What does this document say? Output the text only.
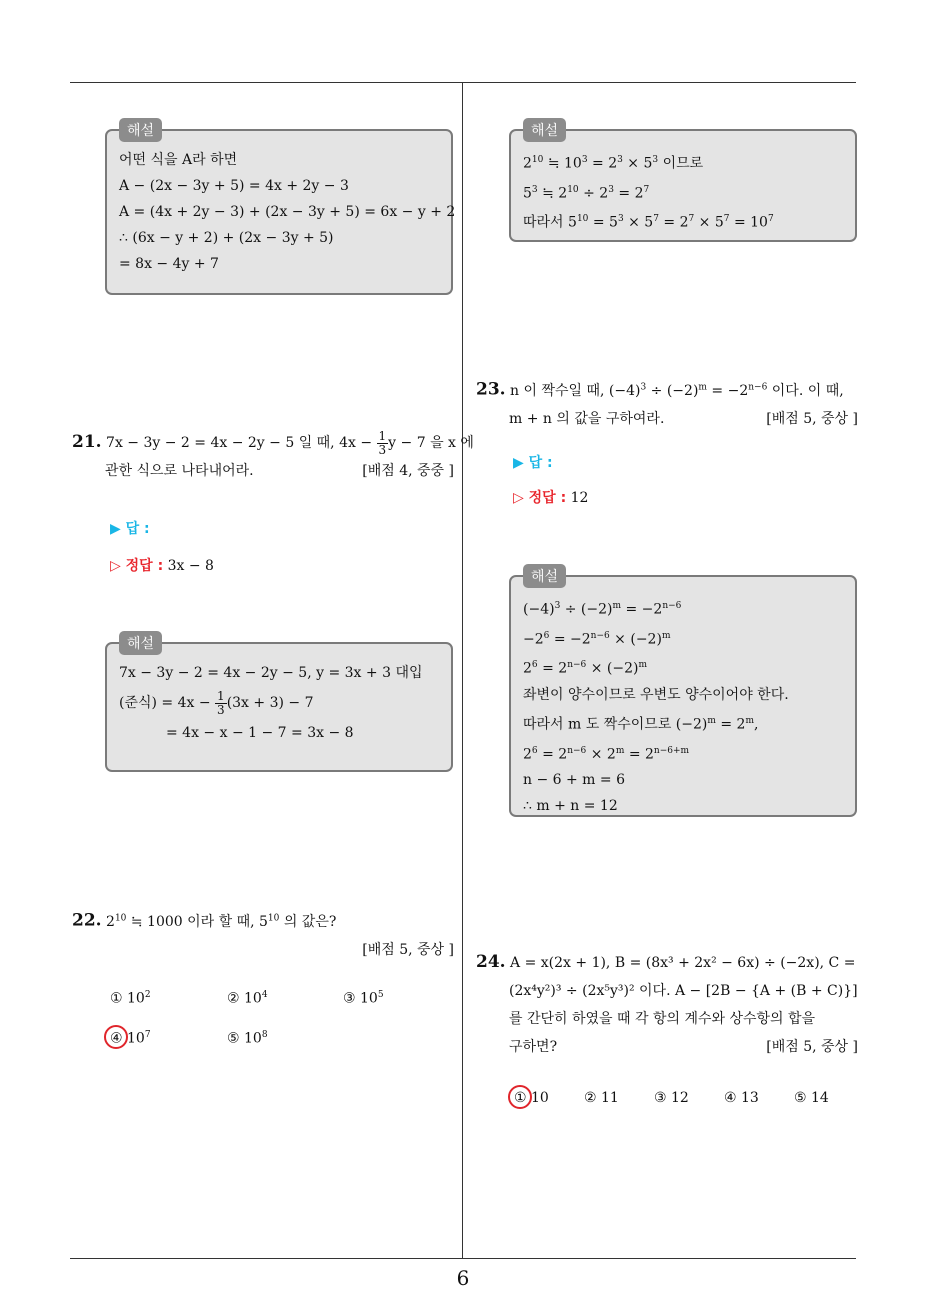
6
해설
어떤 식을 A라 하면
A − (2x − 3y + 5) = 4x + 2y − 3
A = (4x + 2y − 3) + (2x − 3y + 5) = 6x − y + 2
∴ (6x − y + 2) + (2x − 3y + 5)
= 8x − 4y + 7
해설
$2^{10}$ ≒ $10^3 = 2^3 \times 5^3$ 이므로
$5^3$ ≒ $2^{10} \div 2^3 = 2^7$
따라서 $5^{10} = 5^3 \times 5^7 = 2^7 \times 5^7 = 10^7$
21. 7x − 3y − 2 = 4x − 2y − 5 일 때, $4x - \frac{1}{3}$ y − 7 을 x 에
관한 식으로 나타내어라.	[배점 4, 중중 ]
▶ 답 :
▷ 정답 : 3x − 8
해설
7x − 3y − 2 = 4x − 2y − 5, y = 3x + 3 대입
(준식) = $4x - \frac{1}{3} (3x + 3) - 7$
= 4x − x − 1 − 7 = 3x − 8
22. $2^{10}$ ≒ 1000 이라 할 때, $5^{10}$ 의 값은?
[배점 5, 중상 ]
① $10^2$	② $10^4$	③ $10^5$
④ $10^7$	⑤ $10^8$
23. n 이 짝수일 때, $(-4)^3 \div (-2)^m = -2^{n-6}$ 이다. 이 때,
m + n 의 값을 구하여라.	[배점 5, 중상 ]
▶ 답 :
▷ 정답 : 12
해설
$(-4)^3 \div (-2)^m = -2^{n-6}$
$-2^6 = -2^{n-6} \times (-2)^m$
$2^6 = 2^{n-6} \times (-2)^m$
좌변이 양수이므로 우변도 양수이어야 한다.
따라서 m 도 짝수이므로 $(-2)^m = 2^m$,
$2^6 = 2^{n-6} \times 2^m = 2^{n-6+m}$
n − 6 + m = 6
∴ m + n = 12
24. A = x(2x + 1), B = (8x³ + 2x² − 6x) ÷ (−2x), C =
(2x⁴y²)³ ÷ (2x⁵y³)² 이다. A − [2B − {A + (B + C)}]
를 간단히 하였을 때 각 항의 계수와 상수항의 합을
구하면?	[배점 5, 중상 ]
① 10	② 11	③ 12	④ 13	⑤ 14
